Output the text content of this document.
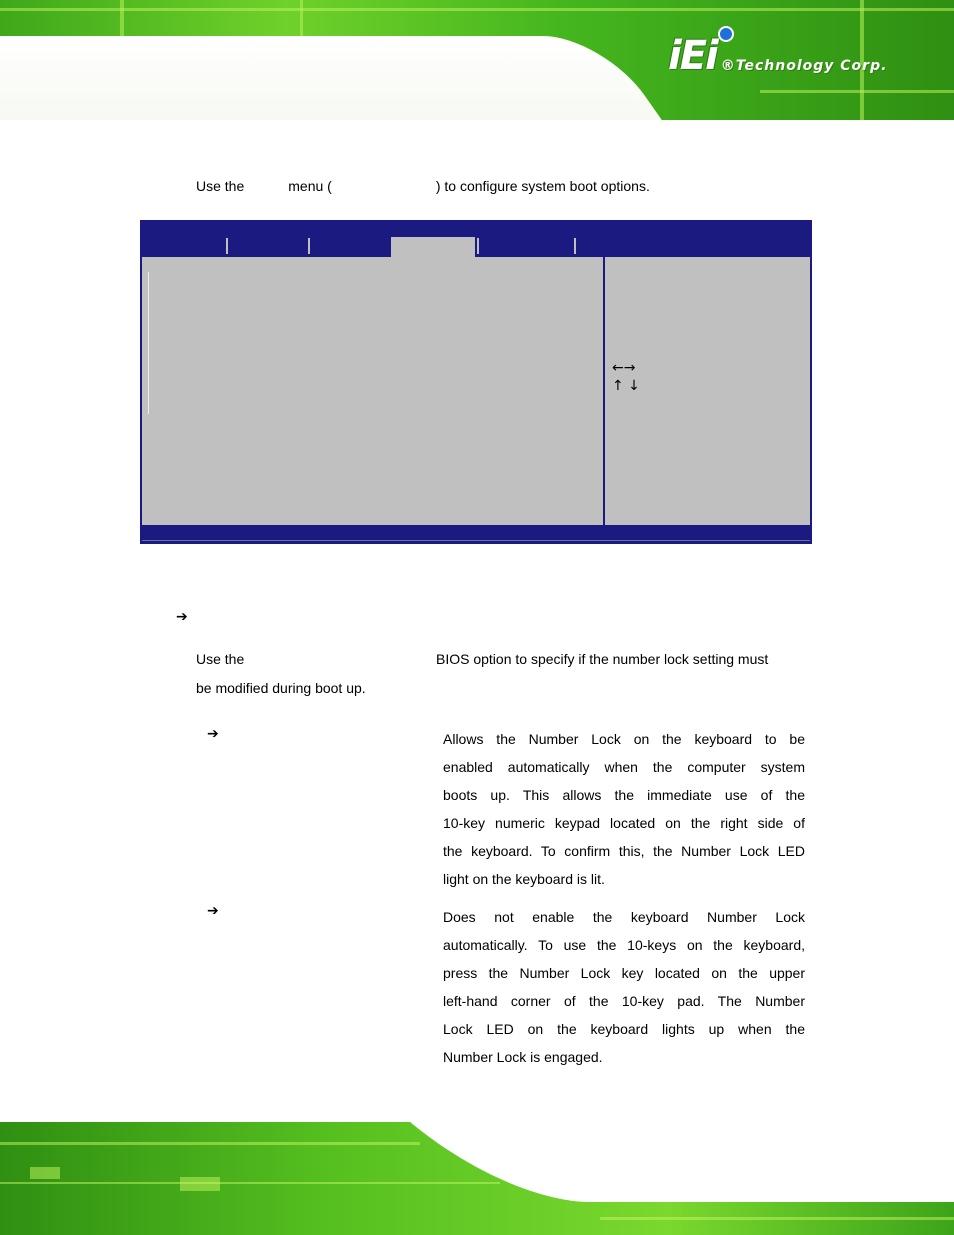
iEi ®Technology Corp.
Use the	menu (	) to configure system boot options.
←→
↑ ↓
➔
Use the	BIOS option to specify if the number lock setting must
be modified during boot up.
➔	Allows the Number Lock on the keyboard to be
enabled automatically when the computer system
boots up. This allows the immediate use of the
10-key numeric keypad located on the right side of
the keyboard. To confirm this, the Number Lock LED
light on the keyboard is lit.
➔	Does not enable the keyboard Number Lock
automatically. To use the 10-keys on the keyboard,
press the Number Lock key located on the upper
left-hand corner of the 10-key pad. The Number
Lock LED on the keyboard lights up when the
Number Lock is engaged.
